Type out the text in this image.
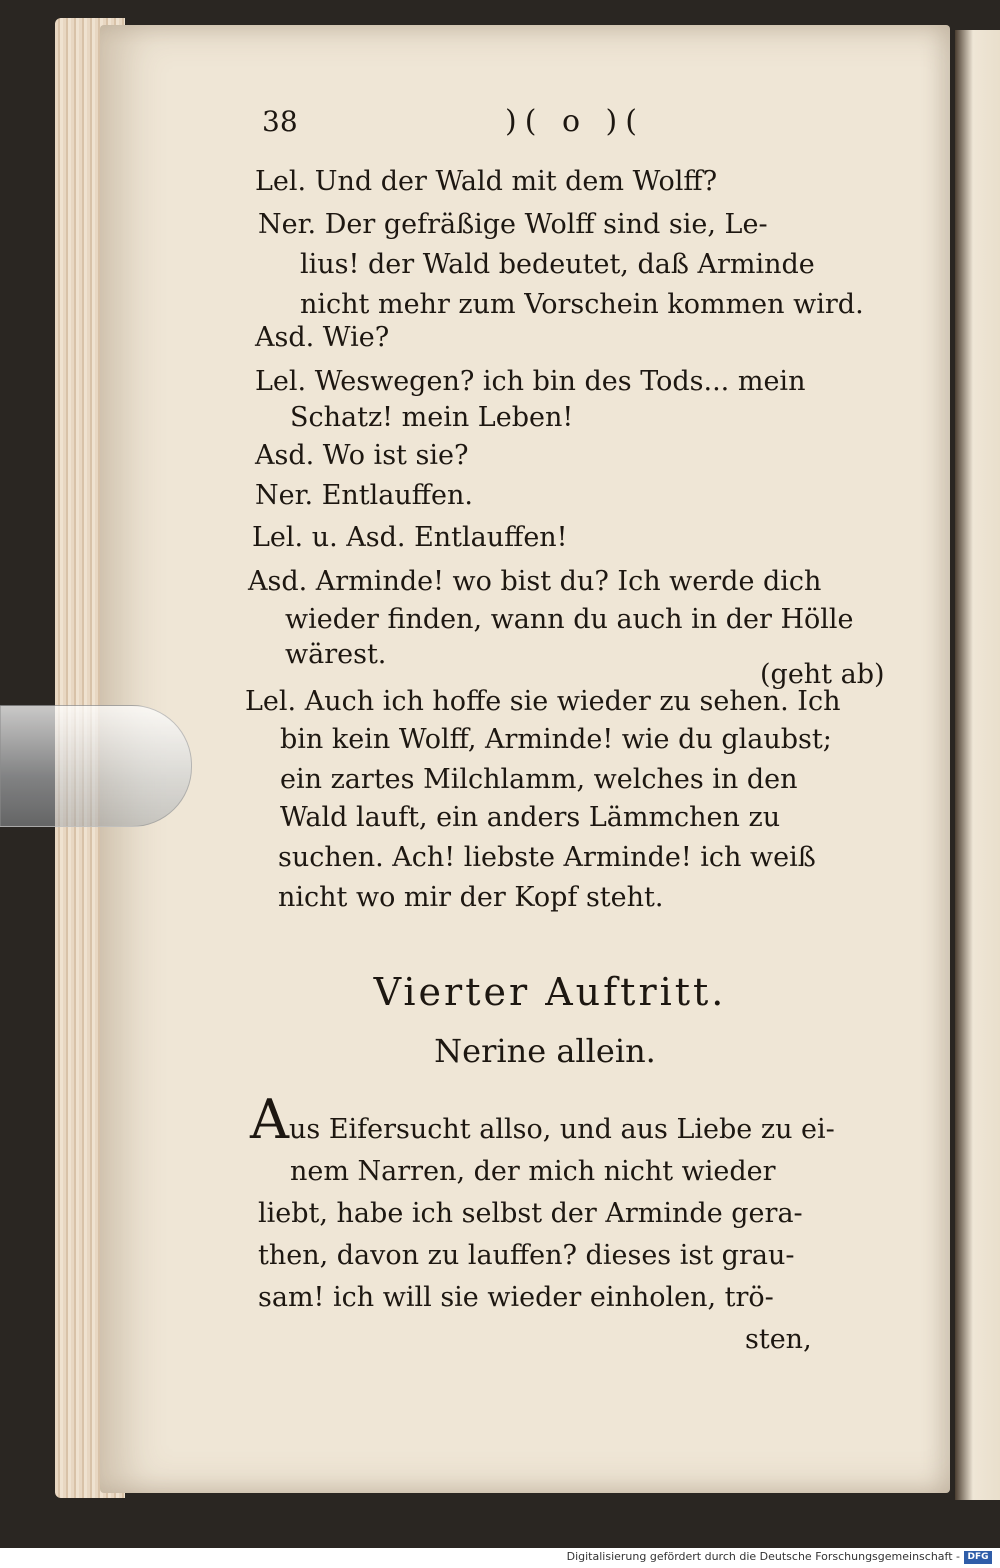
38	)( o )(
Lel. Und der Wald mit dem Wolff?
Ner. Der gefräßige Wolff sind sie, Le-
lius! der Wald bedeutet, daß Arminde
nicht mehr zum Vorschein kommen wird.
Asd. Wie?
Lel. Weswegen? ich bin des Tods... mein
Schatz! mein Leben!
Asd. Wo ist sie?
Ner. Entlauffen.
Lel. u. Asd. Entlauffen!
Asd. Arminde! wo bist du? Ich werde dich
wieder finden, wann du auch in der Hölle
wärest.
(geht ab)
Lel. Auch ich hoffe sie wieder zu sehen. Ich
bin kein Wolff, Arminde! wie du glaubst;
ein zartes Milchlamm, welches in den
Wald lauft, ein anders Lämmchen zu
suchen. Ach! liebste Arminde! ich weiß
nicht wo mir der Kopf steht.
Vierter Auftritt.
Nerine allein.
Aus Eifersucht allso, und aus Liebe zu ei-
nem Narren, der mich nicht wieder
liebt, habe ich selbst der Arminde gera-
then, davon zu lauffen? dieses ist grau-
sam! ich will sie wieder einholen, trö-
sten,
Digitalisierung gefördert durch die Deutsche Forschungsgemeinschaft - DFG
